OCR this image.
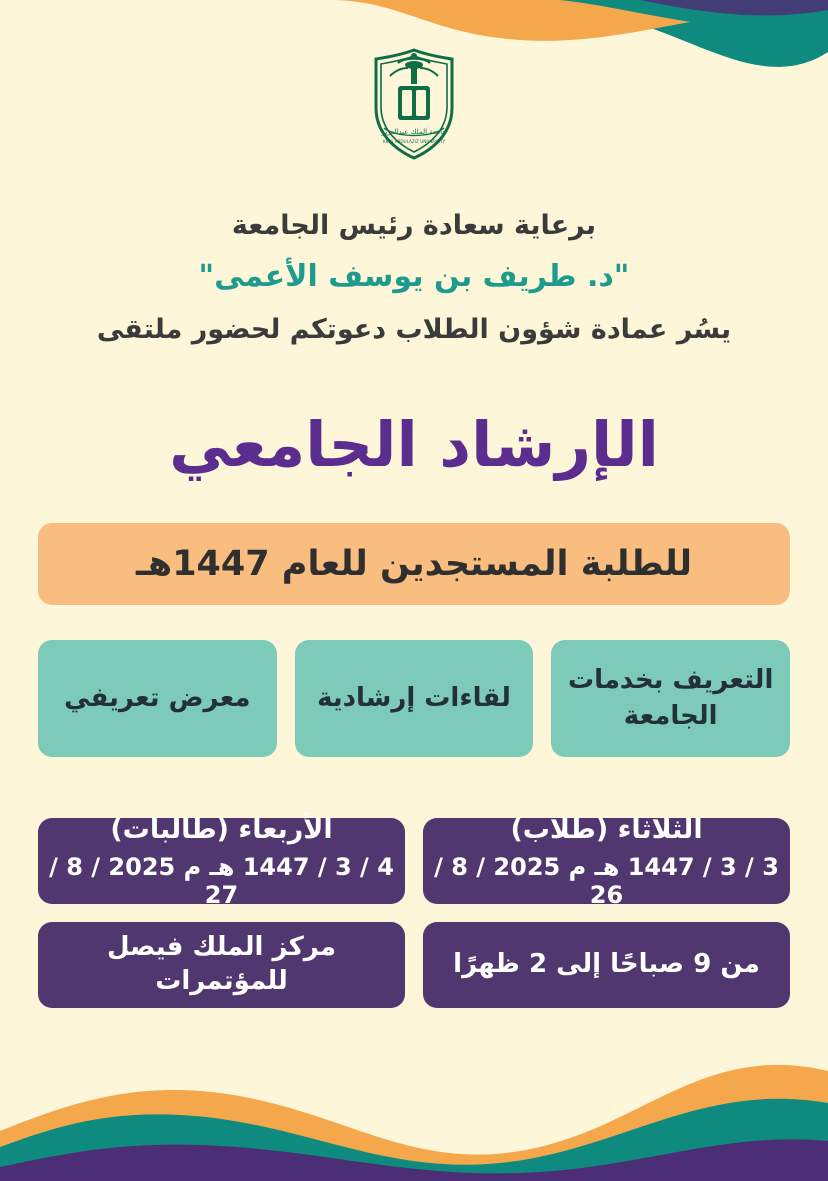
جامعة الملك عبدالعزيز
KING ABDULAZIZ UNIVERSITY
برعاية سعادة رئيس الجامعة
"د. طريف بن يوسف الأعمى"
يسُر عمادة شؤون الطلاب دعوتكم لحضور ملتقى
الإرشاد الجامعي
للطلبة المستجدين للعام 1447هـ
التعريف بخدمات الجامعة
لقاءات إرشادية
معرض تعريفي
الثلاثاء (طلاب)
3 / 3 / 1447 هـ م 2025 / 8 / 26
الأربعاء (طالبات)
4 / 3 / 1447 هـ م 2025 / 8 / 27
من 9 صباحًا إلى 2 ظهرًا
مركز الملك فيصل للمؤتمرات
